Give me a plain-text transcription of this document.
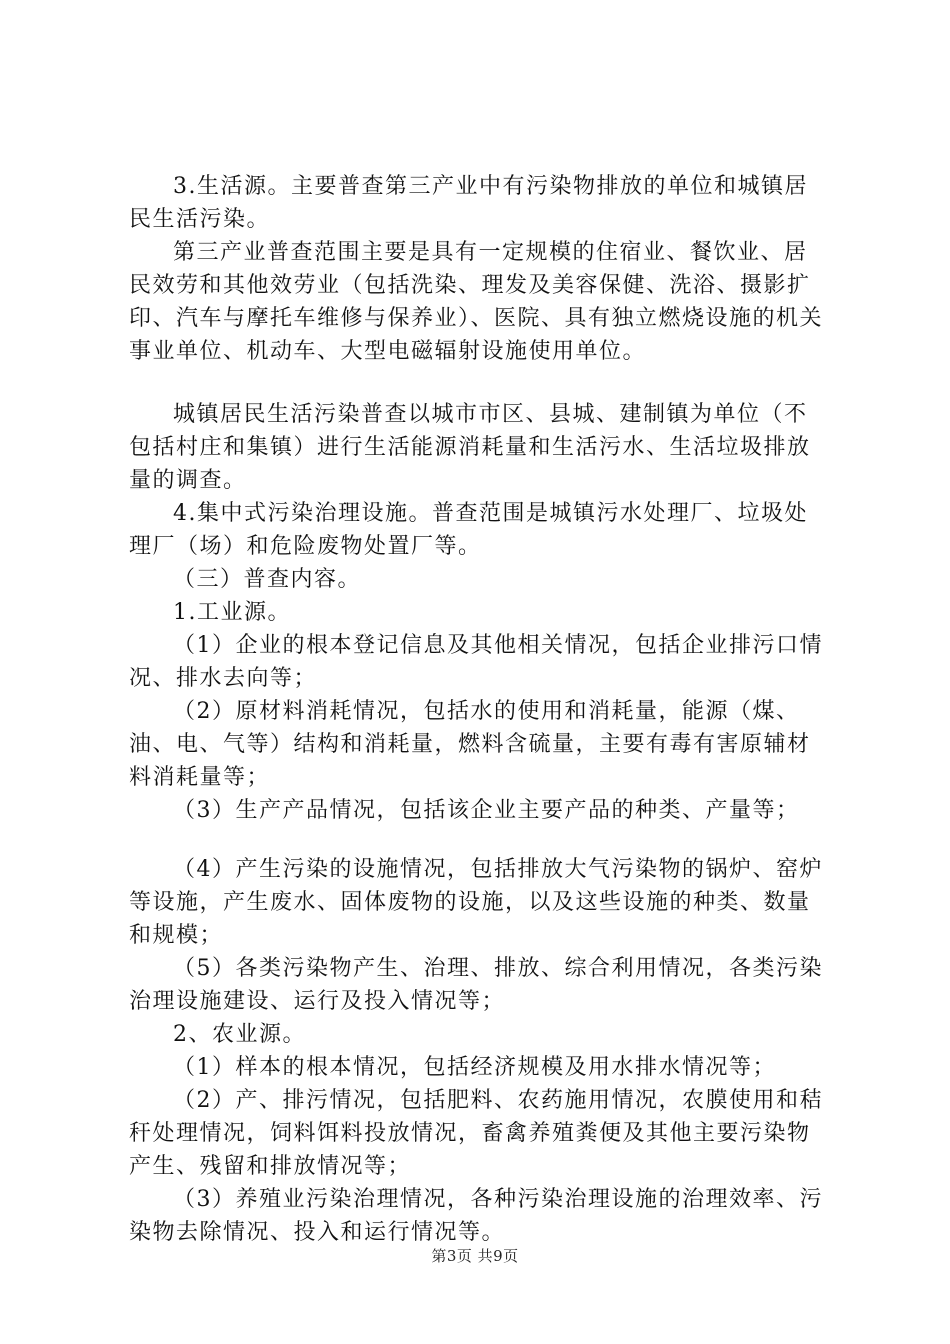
3.生活源。主要普查第三产业中有污染物排放的单位和城镇居民生活污染。

第三产业普查范围主要是具有一定规模的住宿业、餐饮业、居民效劳和其他效劳业（包括洗染、理发及美容保健、洗浴、摄影扩印、汽车与摩托车维修与保养业）、医院、具有独立燃烧设施的机关事业单位、机动车、大型电磁辐射设施使用单位。

城镇居民生活污染普查以城市市区、县城、建制镇为单位（不包括村庄和集镇）进行生活能源消耗量和生活污水、生活垃圾排放量的调查。

4.集中式污染治理设施。普查范围是城镇污水处理厂、垃圾处理厂（场）和危险废物处置厂等。

（三）普查内容。

1.工业源。

（1）企业的根本登记信息及其他相关情况，包括企业排污口情况、排水去向等；

（2）原材料消耗情况，包括水的使用和消耗量，能源（煤、油、电、气等）结构和消耗量，燃料含硫量，主要有毒有害原辅材料消耗量等；

（3）生产产品情况，包括该企业主要产品的种类、产量等；

（4）产生污染的设施情况，包括排放大气污染物的锅炉、窑炉等设施，产生废水、固体废物的设施，以及这些设施的种类、数量和规模；

（5）各类污染物产生、治理、排放、综合利用情况，各类污染治理设施建设、运行及投入情况等；

2、农业源。

（1）样本的根本情况，包括经济规模及用水排水情况等；

（2）产、排污情况，包括肥料、农药施用情况，农膜使用和秸秆处理情况，饲料饵料投放情况，畜禽养殖粪便及其他主要污染物产生、残留和排放情况等；

（3）养殖业污染治理情况，各种污染治理设施的治理效率、污染物去除情况、投入和运行情况等。

第3页 共9页
